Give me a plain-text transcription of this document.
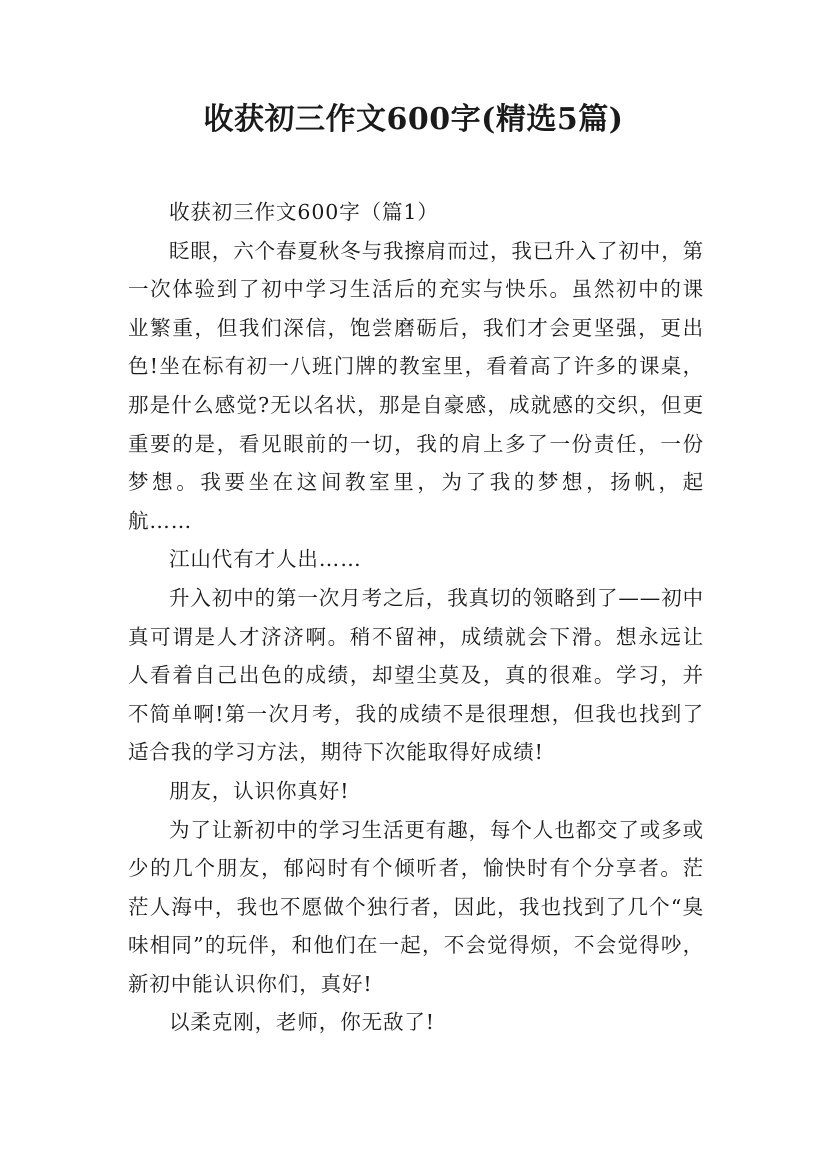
收获初三作文600字(精选5篇)

收获初三作文600字（篇1）

眨眼，六个春夏秋冬与我擦肩而过，我已升入了初中，第一次体验到了初中学习生活后的充实与快乐。虽然初中的课业繁重，但我们深信，饱尝磨砺后，我们才会更坚强，更出色!坐在标有初一八班门牌的教室里，看着高了许多的课桌，那是什么感觉?无以名状，那是自豪感，成就感的交织，但更重要的是，看见眼前的一切，我的肩上多了一份责任，一份梦想。我要坐在这间教室里，为了我的梦想，扬帆，起航……

江山代有才人出……

升入初中的第一次月考之后，我真切的领略到了——初中真可谓是人才济济啊。稍不留神，成绩就会下滑。想永远让人看着自己出色的成绩，却望尘莫及，真的很难。学习，并不简单啊!第一次月考，我的成绩不是很理想，但我也找到了适合我的学习方法，期待下次能取得好成绩!

朋友，认识你真好!

为了让新初中的学习生活更有趣，每个人也都交了或多或少的几个朋友，郁闷时有个倾听者，愉快时有个分享者。茫茫人海中，我也不愿做个独行者，因此，我也找到了几个“臭味相同”的玩伴，和他们在一起，不会觉得烦，不会觉得吵，新初中能认识你们，真好!

以柔克刚，老师，你无敌了!
